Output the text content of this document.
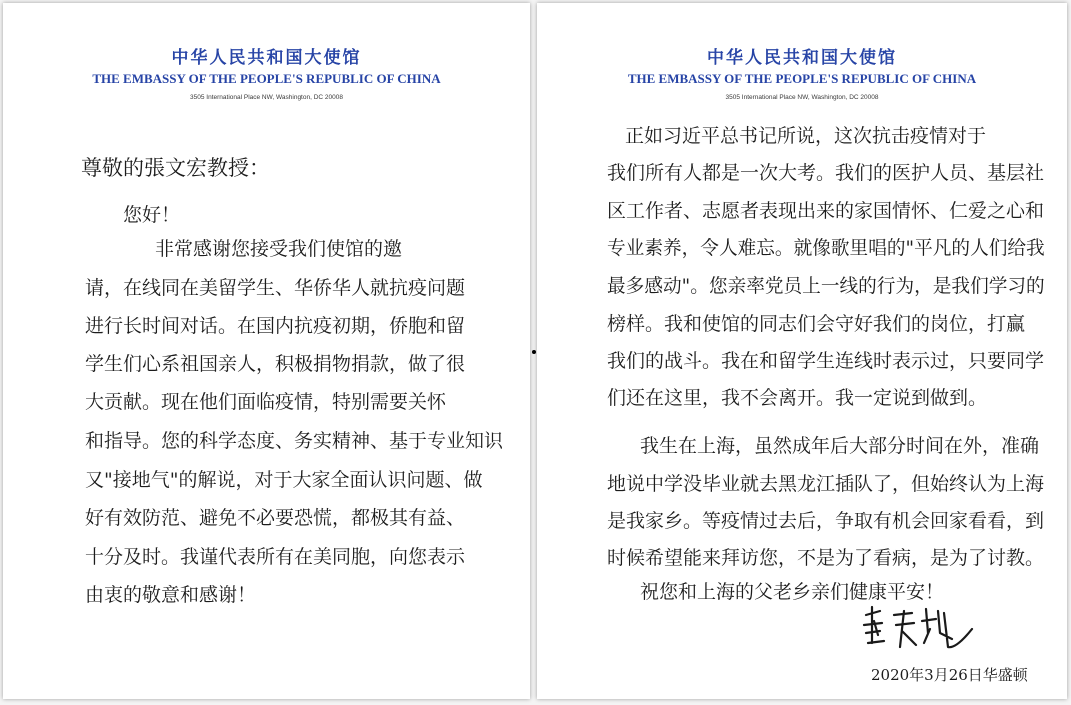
中华人民共和国大使馆
THE EMBASSY OF THE PEOPLE'S REPUBLIC OF CHINA
3505 International Place NW, Washington, DC 20008
尊敬的張文宏教授：
您好！
非常感谢您接受我们使馆的邀
请，在线同在美留学生、华侨华人就抗疫问题
进行长时间对话。在国内抗疫初期，侨胞和留
学生们心系祖国亲人，积极捐物捐款，做了很
大贡献。现在他们面临疫情，特别需要关怀
和指导。您的科学态度、务实精神、基于专业知识
又"接地气"的解说，对于大家全面认识问题、做
好有效防范、避免不必要恐慌，都极其有益、
十分及时。我谨代表所有在美同胞，向您表示
由衷的敬意和感谢！
中华人民共和国大使馆
THE EMBASSY OF THE PEOPLE'S REPUBLIC OF CHINA
3505 International Place NW, Washington, DC 20008
正如习近平总书记所说，这次抗击疫情对于
我们所有人都是一次大考。我们的医护人员、基层社
区工作者、志愿者表现出来的家国情怀、仁爱之心和
专业素养，令人难忘。就像歌里唱的"平凡的人们给我
最多感动"。您亲率党员上一线的行为，是我们学习的
榜样。我和使馆的同志们会守好我们的岗位，打赢
我们的战斗。我在和留学生连线时表示过，只要同学
们还在这里，我不会离开。我一定说到做到。
我生在上海，虽然成年后大部分时间在外，准确
地说中学没毕业就去黑龙江插队了，但始终认为上海
是我家乡。等疫情过去后，争取有机会回家看看，到
时候希望能来拜访您，不是为了看病，是为了讨教。
祝您和上海的父老乡亲们健康平安！
2020年3月26日华盛顿
